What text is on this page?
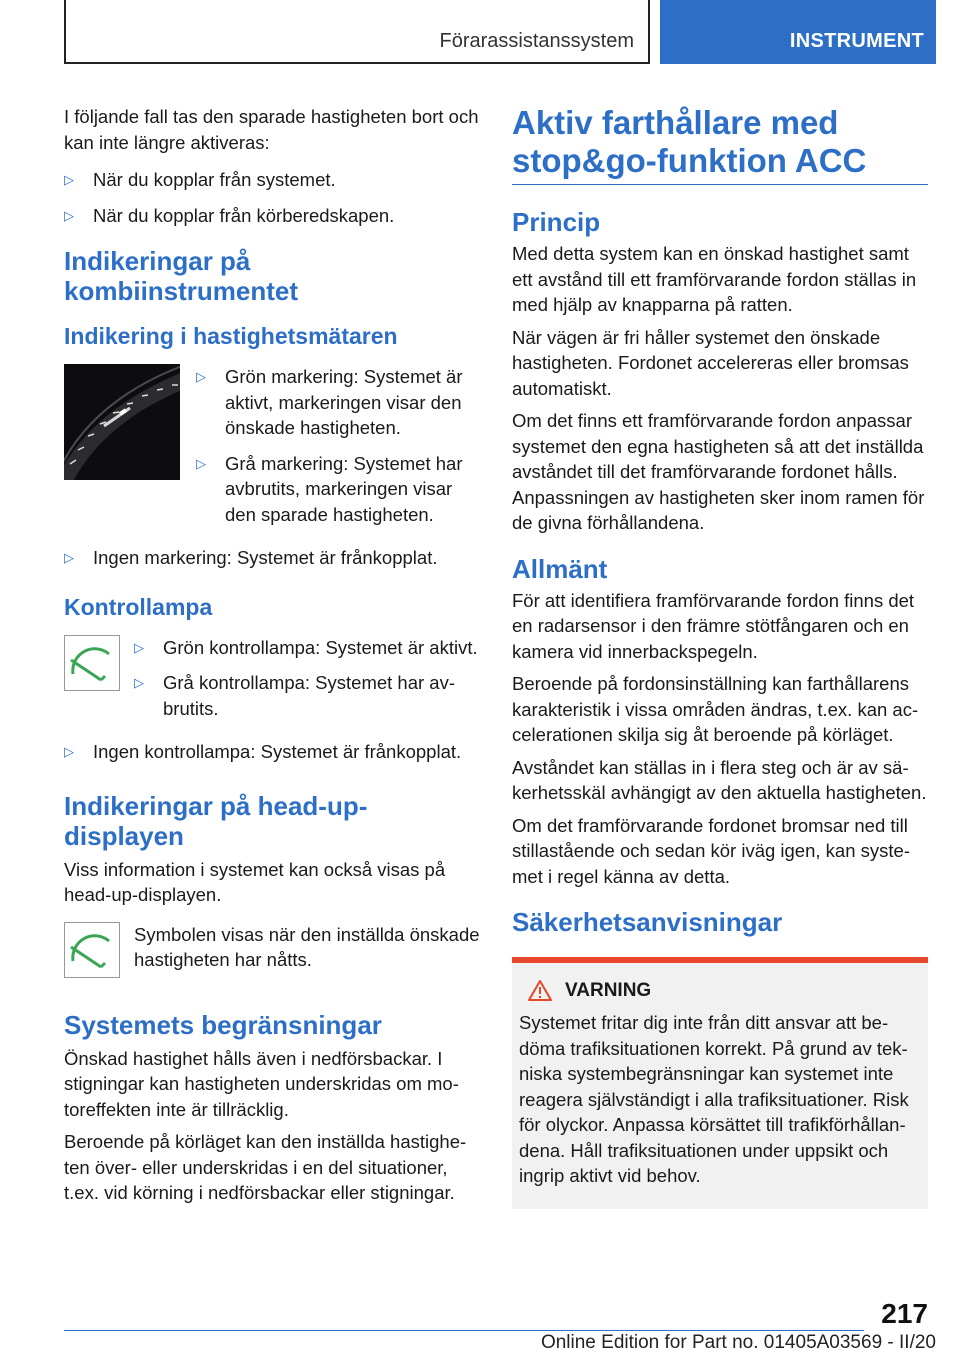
Förarassistanssystem	INSTRUMENT

I följande fall tas den sparade hastigheten bort och kan inte längre aktiveras:

▷ När du kopplar från systemet.
▷ När du kopplar från körberedskapen.
Indikeringar på kombiinstrumentet
Indikering i hastighetsmätaren
▷ Grön markering: Systemet är aktivt, markeringen visar den önskade hastigheten.
▷ Grå markering: Systemet har avbrutits, markeringen visar den sparade hastigheten.
▷ Ingen markering: Systemet är frånkopplat.
Kontrollampa
▷ Grön kontrollampa: Systemet är aktivt.
▷ Grå kontrollampa: Systemet har avbrutits.
▷ Ingen kontrollampa: Systemet är frånkopplat.
Indikeringar på head-up-displayen

Viss information i systemet kan också visas på head-up-displayen.

Symbolen visas när den inställda önskade hastigheten har nåtts.

Systemets begränsningar

Önskad hastighet hålls även i nedförsbackar. I stigningar kan hastigheten underskridas om motoreffekten inte är tillräcklig.

Beroende på körläget kan den inställda hastigheten över- eller underskridas i en del situationer, t.ex. vid körning i nedförsbackar eller stigningar.

Aktiv farthållare med stop&go-funktion ACC
Princip

Med detta system kan en önskad hastighet samt ett avstånd till ett framförvarande fordon ställas in med hjälp av knapparna på ratten.

När vägen är fri håller systemet den önskade hastigheten. Fordonet accelereras eller bromsas automatiskt.

Om det finns ett framförvarande fordon anpassar systemet den egna hastigheten så att det inställda avståndet till det framförvarande fordonet hålls. Anpassningen av hastigheten sker inom ramen för de givna förhållandena.

Allmänt

För att identifiera framförvarande fordon finns det en radarsensor i den främre stötfångaren och en kamera vid innerbackspegeln.

Beroende på fordonsinställning kan farthållarens karakteristik i vissa områden ändras, t.ex. kan accelerationen skilja sig åt beroende på körläget.

Avståndet kan ställas in i flera steg och är av säkerhetsskäl avhängigt av den aktuella hastigheten.

Om det framförvarande fordonet bromsar ned till stillastående och sedan kör iväg igen, kan systemet i regel känna av detta.

Säkerhetsanvisningar
VARNING

Systemet fritar dig inte från ditt ansvar att bedöma trafiksituationen korrekt. På grund av tekniska systembegränsningar kan systemet inte reagera självständigt i alla trafiksituationer. Risk för olyckor. Anpassa körsättet till trafikförhållandena. Håll trafiksituationen under uppsikt och ingrip aktivt vid behov.

217
Online Edition for Part no. 01405A03569 - II/20
